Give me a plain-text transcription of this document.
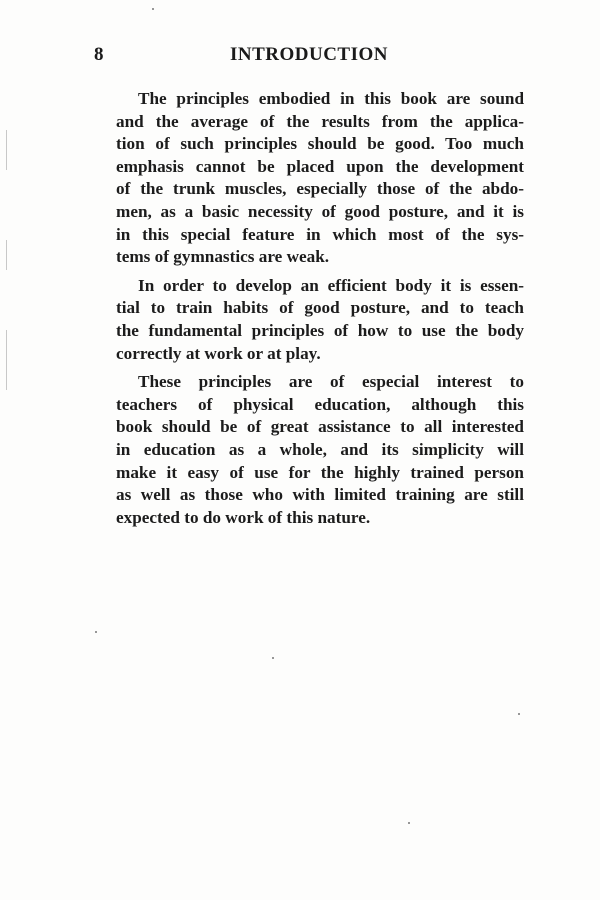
8	INTRODUCTION

The principles embodied in this book are sound
and the average of the results from the applica-
tion of such principles should be good. Too much
emphasis cannot be placed upon the development
of the trunk muscles, especially those of the abdo-
men, as a basic necessity of good posture, and it is
in this special feature in which most of the sys-
tems of gymnastics are weak.

In order to develop an efficient body it is essen-
tial to train habits of good posture, and to teach
the fundamental principles of how to use the body
correctly at work or at play.

These principles are of especial interest to
teachers of physical education, although this
book should be of great assistance to all interested
in education as a whole, and its simplicity will
make it easy of use for the highly trained person
as well as those who with limited training are still
expected to do work of this nature.
